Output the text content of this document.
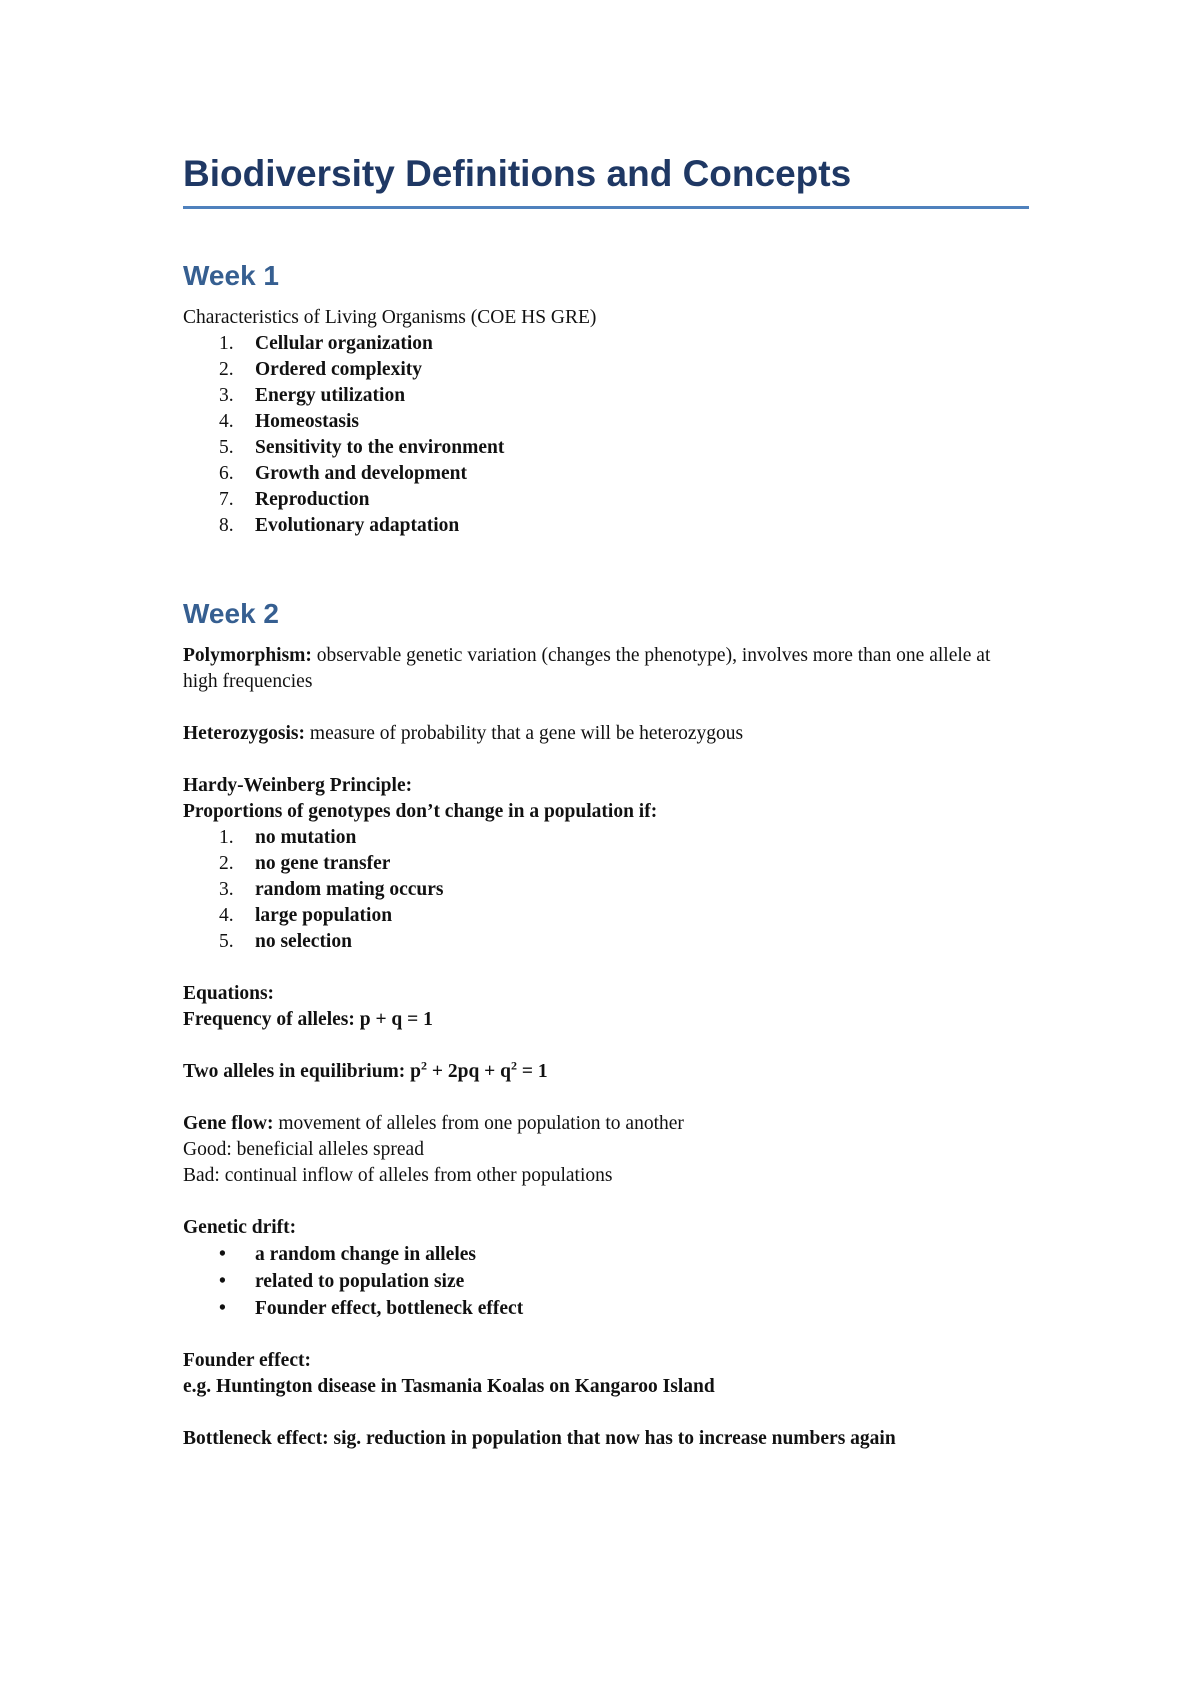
Biodiversity Definitions and Concepts
Week 1

Characteristics of Living Organisms (COE HS GRE)

1.	Cellular organization
2.	Ordered complexity
3.	Energy utilization
4.	Homeostasis
5.	Sensitivity to the environment
6.	Growth and development
7.	Reproduction
8.	Evolutionary adaptation
Week 2

Polymorphism: observable genetic variation (changes the phenotype), involves more than one allele at high frequencies

Heterozygosis: measure of probability that a gene will be heterozygous

Hardy-Weinberg Principle:

Proportions of genotypes don’t change in a population if:

1.	no mutation
2.	no gene transfer
3.	random mating occurs
4.	large population
5.	no selection

Equations:

Frequency of alleles: p + q = 1

Two alleles in equilibrium: $p^2 + 2pq + q^2 = 1$

Gene flow: movement of alleles from one population to another

Good: beneficial alleles spread

Bad: continual inflow of alleles from other populations

Genetic drift:

• a random change in alleles
• related to population size
• Founder effect, bottleneck effect

Founder effect:

e.g. Huntington disease in Tasmania Koalas on Kangaroo Island

Bottleneck effect: sig. reduction in population that now has to increase numbers again
